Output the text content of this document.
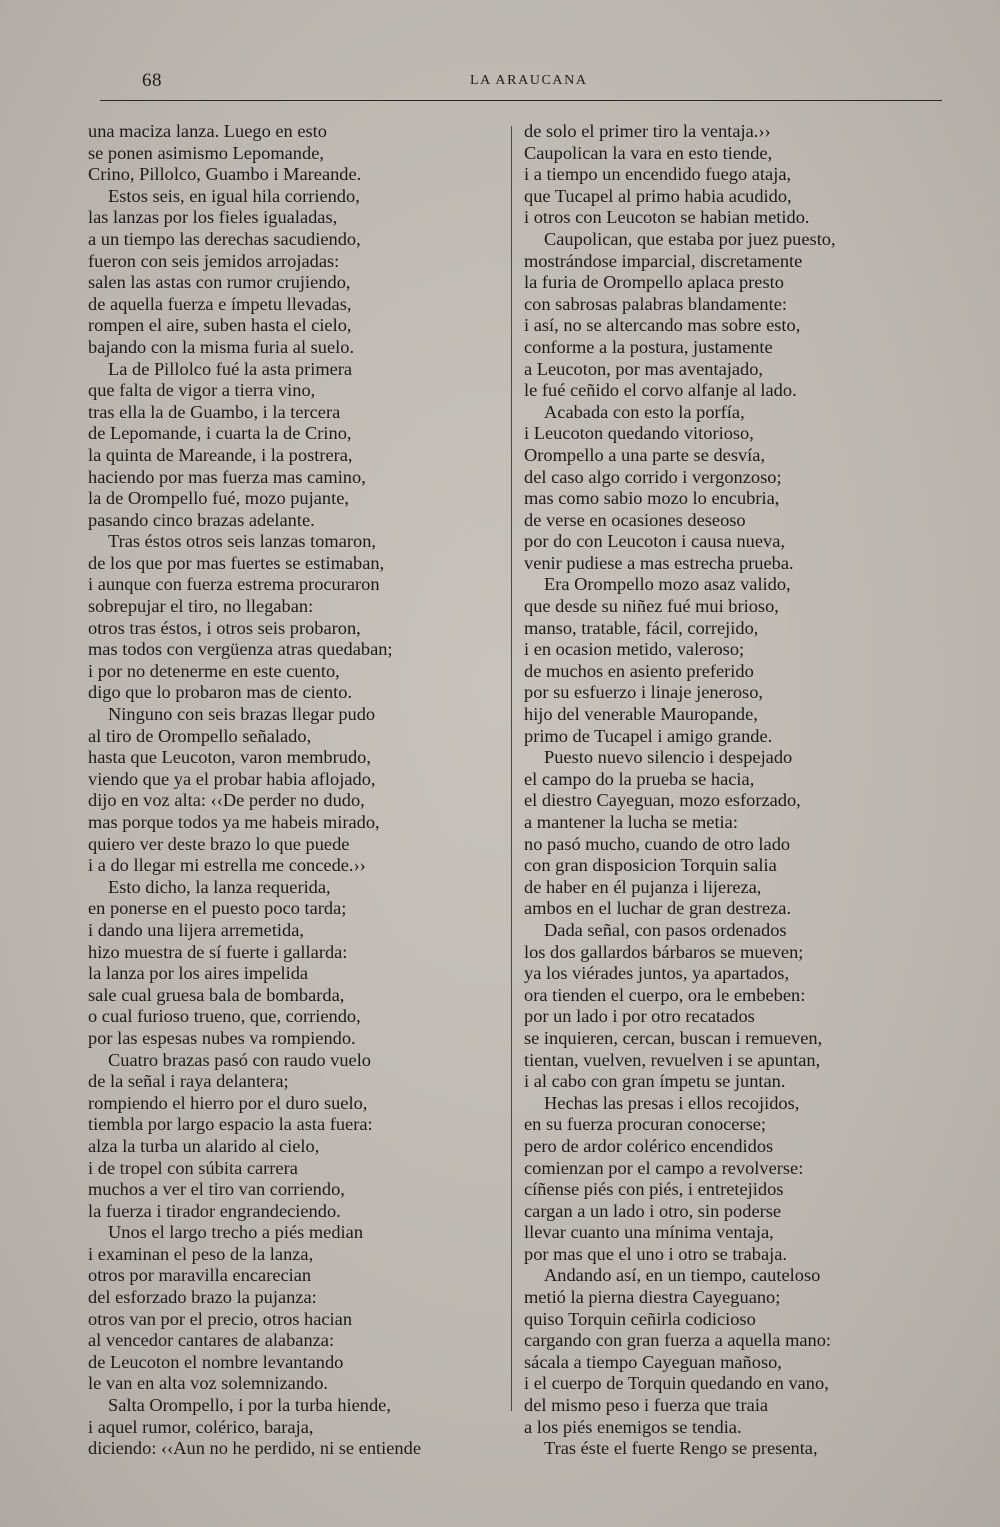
68	LA ARAUCANA
una maciza lanza. Luego en esto
se ponen asimismo Lepomande,
Crino, Pillolco, Guambo i Mareande.
Estos seis, en igual hila corriendo,
las lanzas por los fieles igualadas,
a un tiempo las derechas sacudiendo,
fueron con seis jemidos arrojadas:
salen las astas con rumor crujiendo,
de aquella fuerza e ímpetu llevadas,
rompen el aire, suben hasta el cielo,
bajando con la misma furia al suelo.
La de Pillolco fué la asta primera
que falta de vigor a tierra vino,
tras ella la de Guambo, i la tercera
de Lepomande, i cuarta la de Crino,
la quinta de Mareande, i la postrera,
haciendo por mas fuerza mas camino,
la de Orompello fué, mozo pujante,
pasando cinco brazas adelante.
Tras éstos otros seis lanzas tomaron,
de los que por mas fuertes se estimaban,
i aunque con fuerza estrema procuraron
sobrepujar el tiro, no llegaban:
otros tras éstos, i otros seis probaron,
mas todos con vergüenza atras quedaban;
i por no detenerme en este cuento,
digo que lo probaron mas de ciento.
Ninguno con seis brazas llegar pudo
al tiro de Orompello señalado,
hasta que Leucoton, varon membrudo,
viendo que ya el probar habia aflojado,
dijo en voz alta: ‹‹De perder no dudo,
mas porque todos ya me habeis mirado,
quiero ver deste brazo lo que puede
i a do llegar mi estrella me concede.››
Esto dicho, la lanza requerida,
en ponerse en el puesto poco tarda;
i dando una lijera arremetida,
hizo muestra de sí fuerte i gallarda:
la lanza por los aires impelida
sale cual gruesa bala de bombarda,
o cual furioso trueno, que, corriendo,
por las espesas nubes va rompiendo.
Cuatro brazas pasó con raudo vuelo
de la señal i raya delantera;
rompiendo el hierro por el duro suelo,
tiembla por largo espacio la asta fuera:
alza la turba un alarido al cielo,
i de tropel con súbita carrera
muchos a ver el tiro van corriendo,
la fuerza i tirador engrandeciendo.
Unos el largo trecho a piés median
i examinan el peso de la lanza,
otros por maravilla encarecian
del esforzado brazo la pujanza:
otros van por el precio, otros hacian
al vencedor cantares de alabanza:
de Leucoton el nombre levantando
le van en alta voz solemnizando.
Salta Orompello, i por la turba hiende,
i aquel rumor, colérico, baraja,
diciendo: ‹‹Aun no he perdido, ni se entiende
de solo el primer tiro la ventaja.››
Caupolican la vara en esto tiende,
i a tiempo un encendido fuego ataja,
que Tucapel al primo habia acudido,
i otros con Leucoton se habian metido.
Caupolican, que estaba por juez puesto,
mostrándose imparcial, discretamente
la furia de Orompello aplaca presto
con sabrosas palabras blandamente:
i así, no se altercando mas sobre esto,
conforme a la postura, justamente
a Leucoton, por mas aventajado,
le fué ceñido el corvo alfanje al lado.
Acabada con esto la porfía,
i Leucoton quedando vitorioso,
Orompello a una parte se desvía,
del caso algo corrido i vergonzoso;
mas como sabio mozo lo encubria,
de verse en ocasiones deseoso
por do con Leucoton i causa nueva,
venir pudiese a mas estrecha prueba.
Era Orompello mozo asaz valido,
que desde su niñez fué mui brioso,
manso, tratable, fácil, correjido,
i en ocasion metido, valeroso;
de muchos en asiento preferido
por su esfuerzo i linaje jeneroso,
hijo del venerable Mauropande,
primo de Tucapel i amigo grande.
Puesto nuevo silencio i despejado
el campo do la prueba se hacia,
el diestro Cayeguan, mozo esforzado,
a mantener la lucha se metia:
no pasó mucho, cuando de otro lado
con gran disposicion Torquin salia
de haber en él pujanza i lijereza,
ambos en el luchar de gran destreza.
Dada señal, con pasos ordenados
los dos gallardos bárbaros se mueven;
ya los viérades juntos, ya apartados,
ora tienden el cuerpo, ora le embeben:
por un lado i por otro recatados
se inquieren, cercan, buscan i remueven,
tientan, vuelven, revuelven i se apuntan,
i al cabo con gran ímpetu se juntan.
Hechas las presas i ellos recojidos,
en su fuerza procuran conocerse;
pero de ardor colérico encendidos
comienzan por el campo a revolverse:
cíñense piés con piés, i entretejidos
cargan a un lado i otro, sin poderse
llevar cuanto una mínima ventaja,
por mas que el uno i otro se trabaja.
Andando así, en un tiempo, cauteloso
metió la pierna diestra Cayeguano;
quiso Torquin ceñirla codicioso
cargando con gran fuerza a aquella mano:
sácala a tiempo Cayeguan mañoso,
i el cuerpo de Torquin quedando en vano,
del mismo peso i fuerza que traia
a los piés enemigos se tendia.
Tras éste el fuerte Rengo se presenta,
